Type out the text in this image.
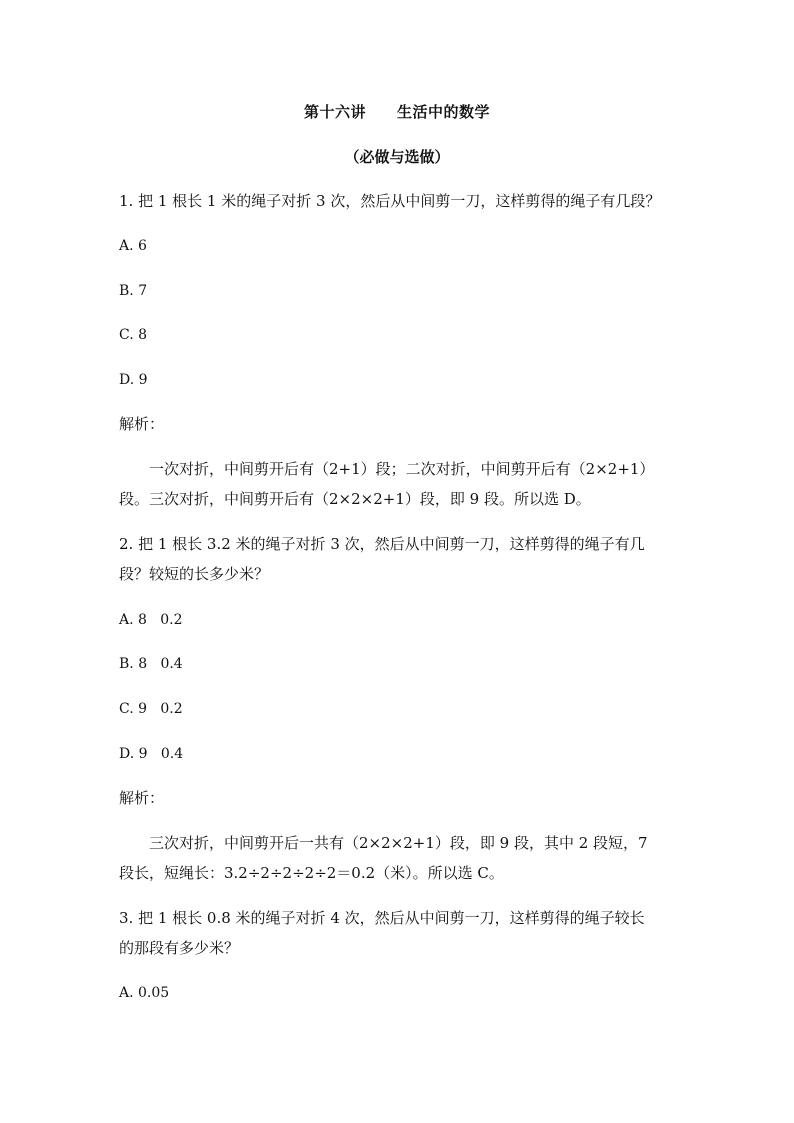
第十六讲　　生活中的数学
（必做与选做）
1. 把 1 根长 1 米的绳子对折 3 次，然后从中间剪一刀，这样剪得的绳子有几段？
A. 6
B. 7
C. 8
D. 9
解析：
一次对折，中间剪开后有（2+1）段；二次对折，中间剪开后有（2×2+1）
段。三次对折，中间剪开后有（2×2×2+1）段，即 9 段。所以选 D。
2. 把 1 根长 3.2 米的绳子对折 3 次，然后从中间剪一刀，这样剪得的绳子有几
段？较短的长多少米？
A. 8   0.2
B. 8   0.4
C. 9   0.2
D. 9   0.4
解析：
三次对折，中间剪开后一共有（2×2×2+1）段，即 9 段，其中 2 段短，7
段长，短绳长：3.2÷2÷2÷2÷2＝0.2（米）。所以选 C。
3. 把 1 根长 0.8 米的绳子对折 4 次，然后从中间剪一刀，这样剪得的绳子较长
的那段有多少米？
A. 0.05
